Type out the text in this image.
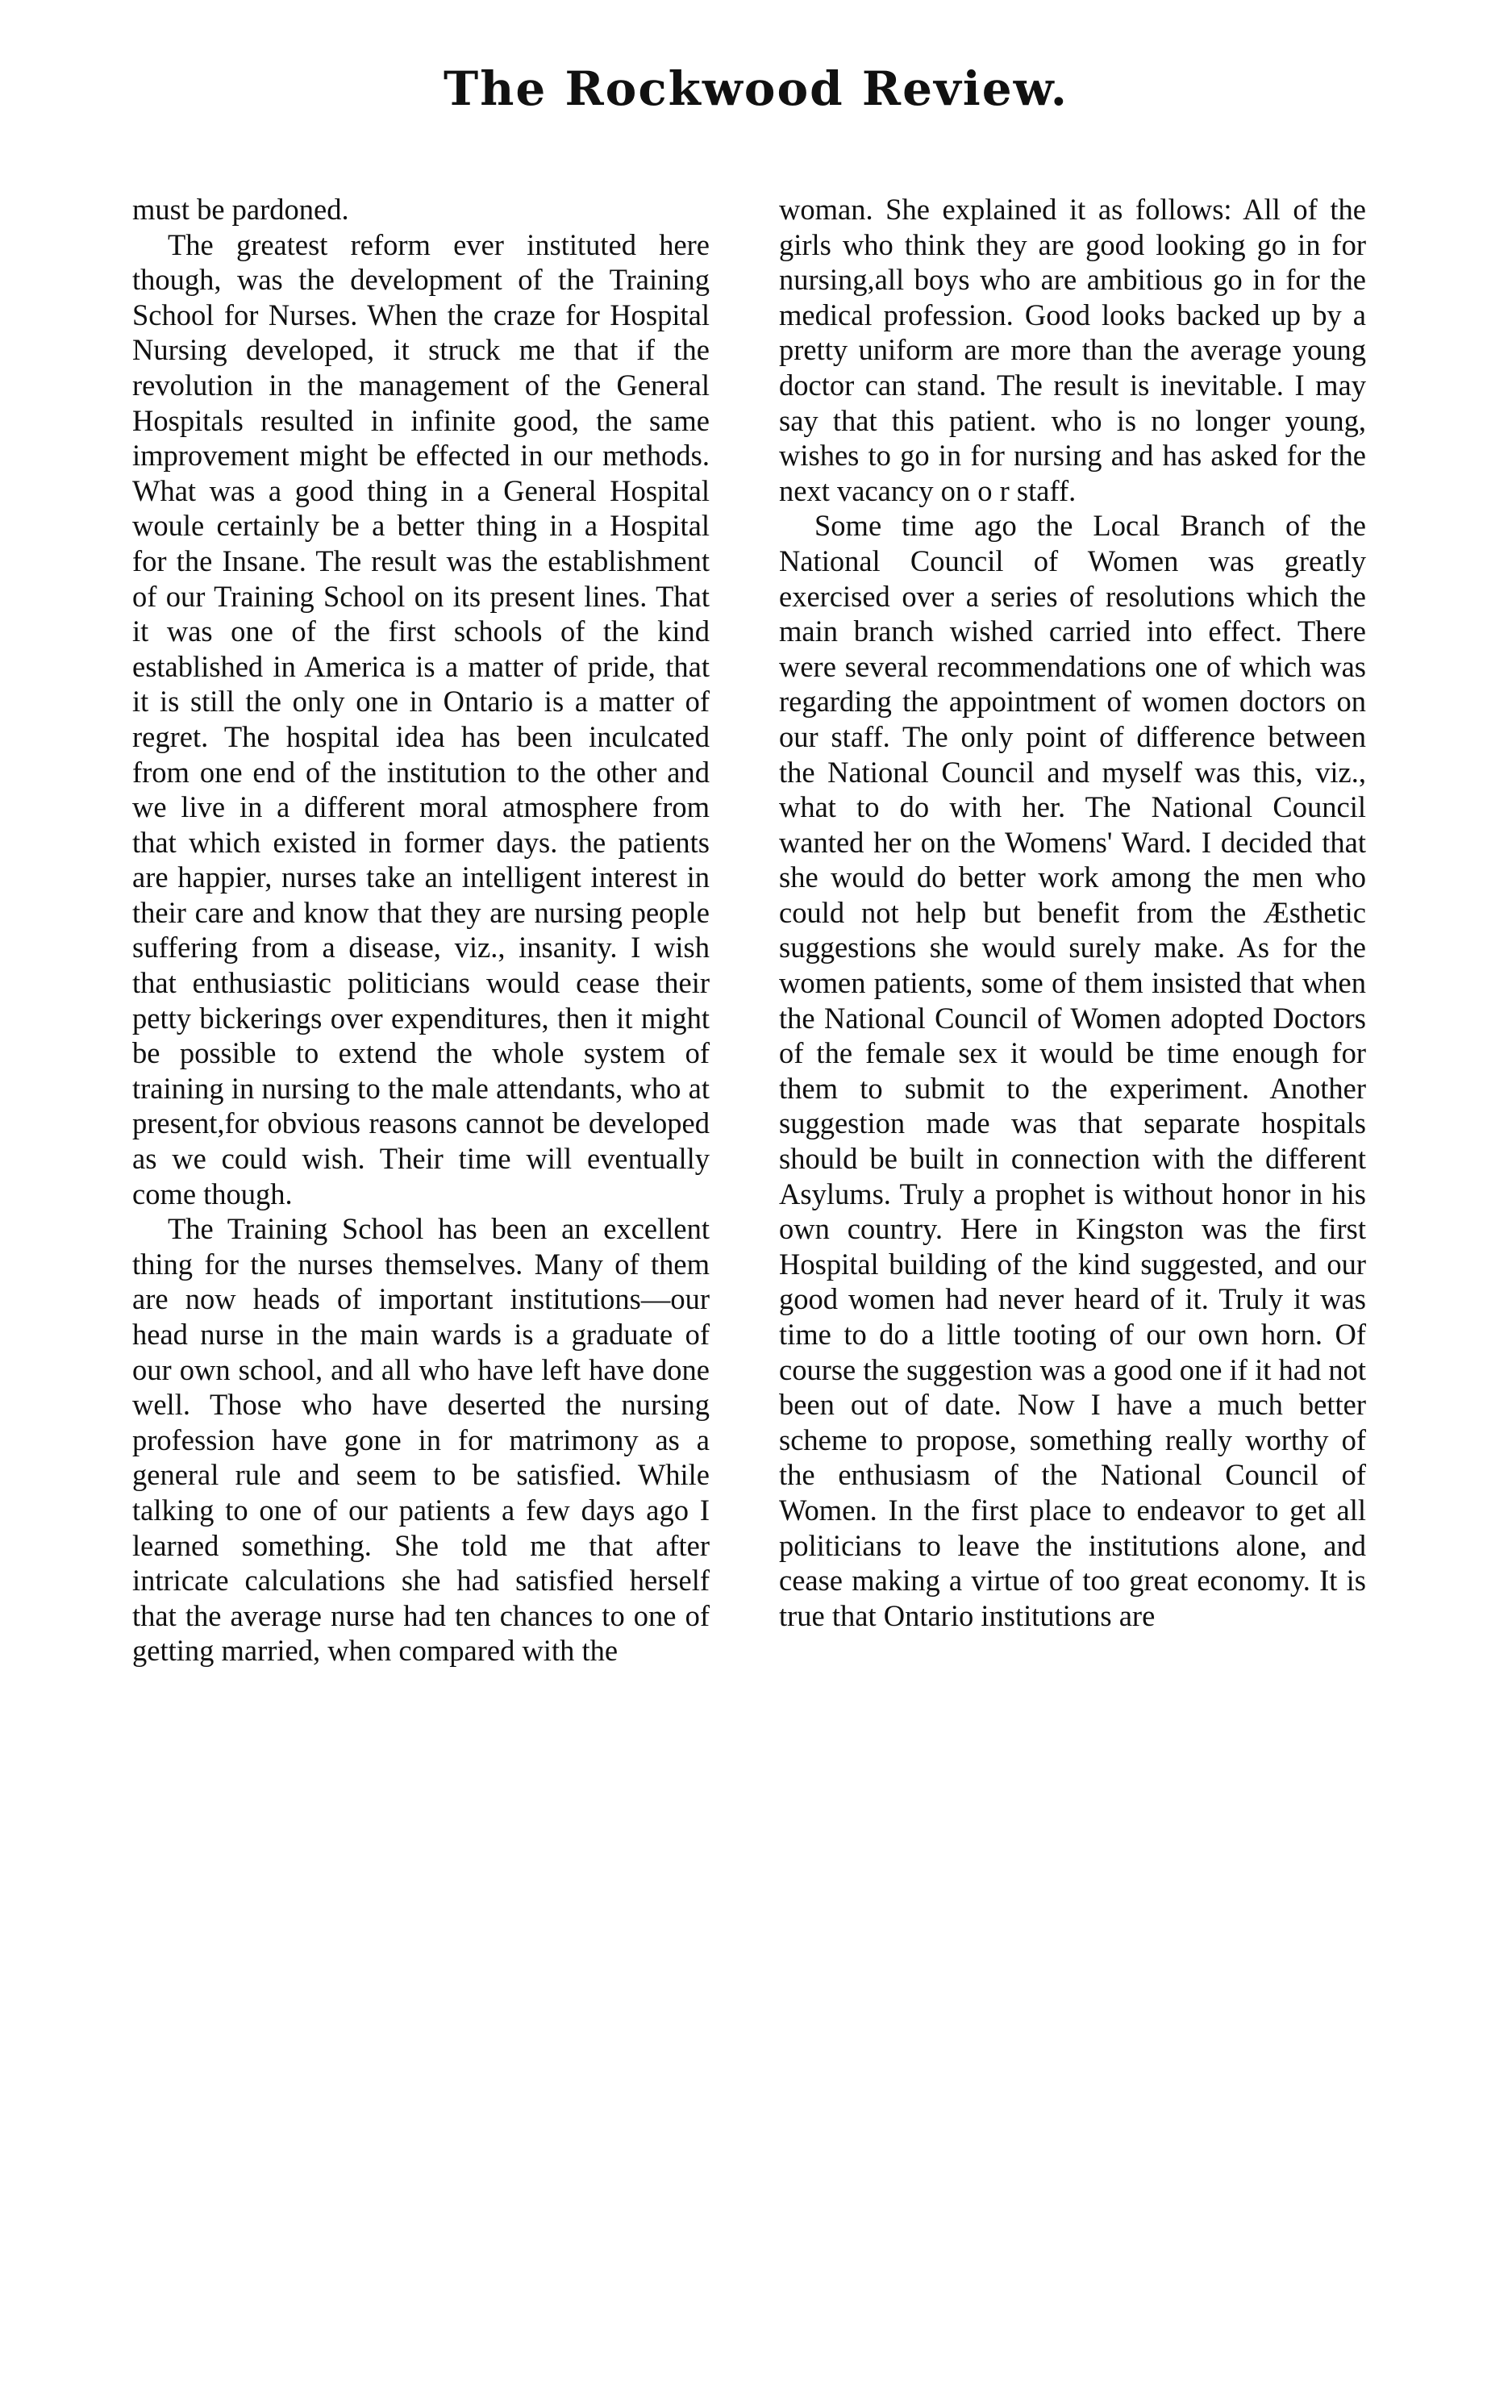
The Rockwood Review.

must be pardoned.

The greatest reform ever instituted here though, was the development of the Training School for Nurses. When the craze for Hospital Nursing developed, it struck me that if the revolution in the management of the General Hospitals resulted in infinite good, the same improvement might be effected in our methods. What was a good thing in a General Hospital woule certainly be a better thing in a Hospital for the Insane. The result was the establishment of our Training School on its present lines. That it was one of the first schools of the kind established in America is a matter of pride, that it is still the only one in Ontario is a matter of regret. The hospital idea has been inculcated from one end of the institution to the other and we live in a different moral atmosphere from that which existed in former days. the patients are happier, nurses take an intelligent interest in their care and know that they are nursing people suffering from a disease, viz., insanity. I wish that enthusiastic politicians would cease their petty bickerings over expenditures, then it might be possible to extend the whole system of training in nursing to the male attendants, who at present,for obvious reasons cannot be developed as we could wish. Their time will eventually come though.

The Training School has been an excellent thing for the nurses themselves. Many of them are now heads of important institutions—our head nurse in the main wards is a graduate of our own school, and all who have left have done well. Those who have deserted the nursing profession have gone in for matrimony as a general rule and seem to be satisfied. While talking to one of our patients a few days ago I learned something. She told me that after intricate calculations she had satisfied herself that the average nurse had ten chances to one of getting married, when compared with the

woman. She explained it as follows: All of the girls who think they are good looking go in for nursing,all boys who are ambitious go in for the medical profession. Good looks backed up by a pretty uniform are more than the average young doctor can stand. The result is inevitable. I may say that this patient. who is no longer young, wishes to go in for nursing and has asked for the next vacancy on o r staff.

Some time ago the Local Branch of the National Council of Women was greatly exercised over a series of resolutions which the main branch wished carried into effect. There were several recommendations one of which was regarding the appointment of women doctors on our staff. The only point of difference between the National Council and myself was this, viz., what to do with her. The National Council wanted her on the Womens' Ward. I decided that she would do better work among the men who could not help but benefit from the Æsthetic suggestions she would surely make. As for the women patients, some of them insisted that when the National Council of Women adopted Doctors of the female sex it would be time enough for them to submit to the experiment. Another suggestion made was that separate hospitals should be built in connection with the different Asylums. Truly a prophet is without honor in his own country. Here in Kingston was the first Hospital building of the kind suggested, and our good women had never heard of it. Truly it was time to do a little tooting of our own horn. Of course the suggestion was a good one if it had not been out of date. Now I have a much better scheme to propose, something really worthy of the enthusiasm of the National Council of Women. In the first place to endeavor to get all politicians to leave the institutions alone, and cease making a virtue of too great economy. It is true that Ontario institutions are
